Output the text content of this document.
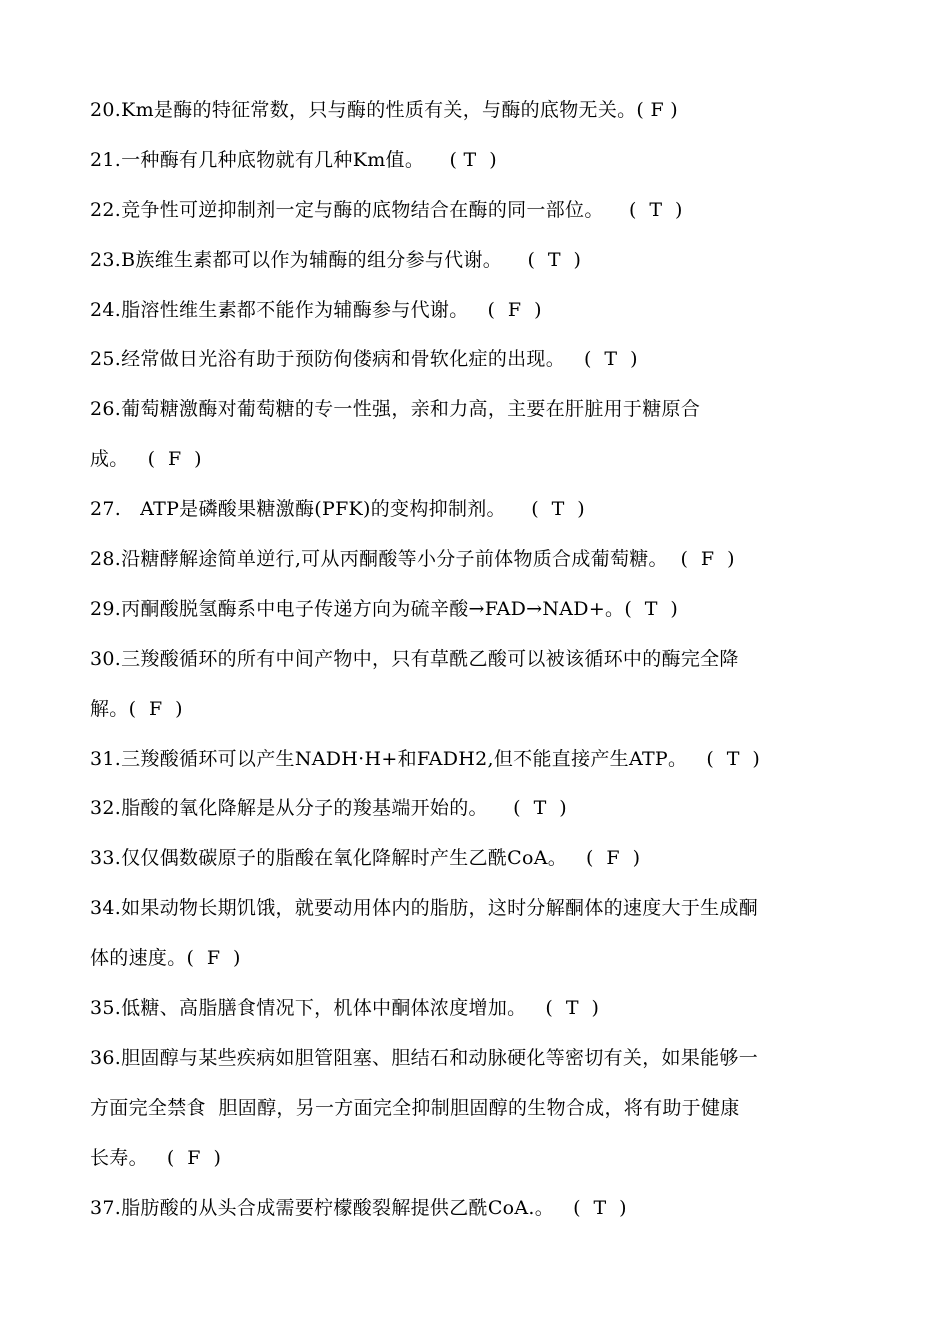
20.Km是酶的特征常数，只与酶的性质有关，与酶的底物无关。( F )
21.一种酶有几种底物就有几种Km值。    ( T  )
22.竞争性可逆抑制剂一定与酶的底物结合在酶的同一部位。    (  T  )
23.B族维生素都可以作为辅酶的组分参与代谢。    (  T  )
24.脂溶性维生素都不能作为辅酶参与代谢。   (  F  )
25.经常做日光浴有助于预防佝偻病和骨软化症的出现。   (  T  )
26.葡萄糖激酶对葡萄糖的专一性强，亲和力高，主要在肝脏用于糖原合
成。   (  F  )
27.   ATP是磷酸果糖激酶(PFK)的变构抑制剂。    (  T  )
28.沿糖酵解途简单逆行,可从丙酮酸等小分子前体物质合成葡萄糖。  (  F  )
29.丙酮酸脱氢酶系中电子传递方向为硫辛酸→FAD→NAD+。(  T  )
30.三羧酸循环的所有中间产物中，只有草酰乙酸可以被该循环中的酶完全降
解。(  F  )
31.三羧酸循环可以产生NADH·H+和FADH2,但不能直接产生ATP。   (  T  )
32.脂酸的氧化降解是从分子的羧基端开始的。    (  T  )
33.仅仅偶数碳原子的脂酸在氧化降解时产生乙酰CoA。   (  F  )
34.如果动物长期饥饿，就要动用体内的脂肪，这时分解酮体的速度大于生成酮
体的速度。(  F  )
35.低糖、高脂膳食情况下，机体中酮体浓度增加。   (  T  )
36.胆固醇与某些疾病如胆管阻塞、胆结石和动脉硬化等密切有关，如果能够一
方面完全禁食  胆固醇，另一方面完全抑制胆固醇的生物合成，将有助于健康
长寿。   (  F  )
37.脂肪酸的从头合成需要柠檬酸裂解提供乙酰CoA.。   (  T  )
